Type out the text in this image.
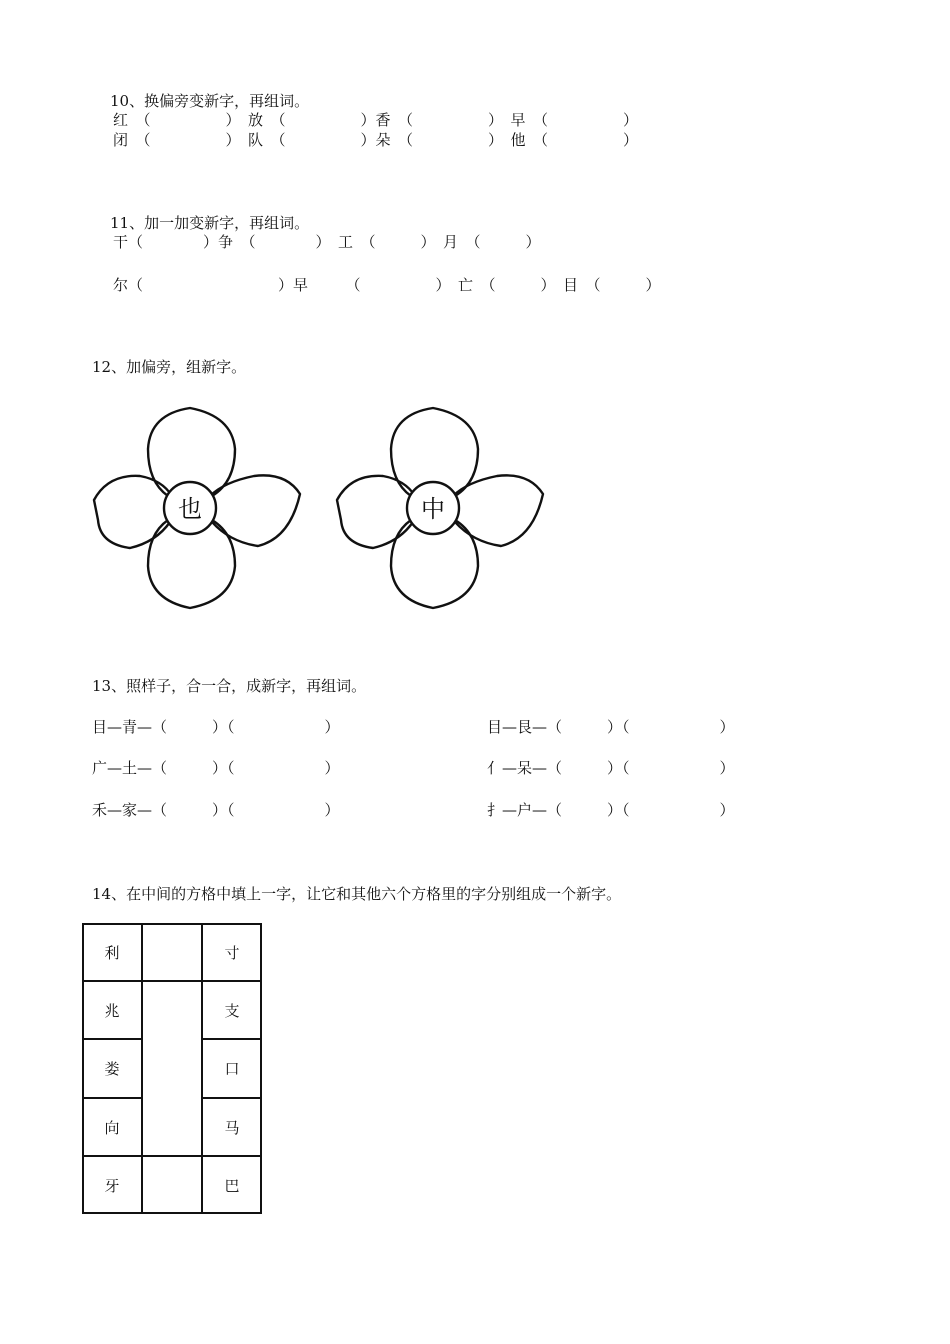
10、换偏旁变新字，再组词。
红　（　　　　　）　放　（　　　　　）香　（　　　　　）　早　（　　　　　）
闭　（　　　　　）　队　（　　　　　）朵　（　　　　　）　他　（　　　　　）
11、加一加变新字，再组词。
干（　　　　）争　（　　　　）　工　（　　　）　月　（　　　）
尔（　　　　　　　　　）早　　　（　　　　　）　亡　（　　　）　目　（　　　）
12、加偏旁，组新字。
也	中
13、照样子，合一合，成新字，再组词。
目—青—（　　　）（　　　　　　）
广—土—（　　　）（　　　　　　）
禾—家—（　　　）（　　　　　　）
目—艮—（　　　）（　　　　　　）
亻—呆—（　　　）（　　　　　　）
扌—户—（　　　）（　　　　　　）
14、在中间的方格中填上一字，让它和其他六个方格里的字分别组成一个新字。
利
兆
娄
向
牙
寸
支
口
马
巴
